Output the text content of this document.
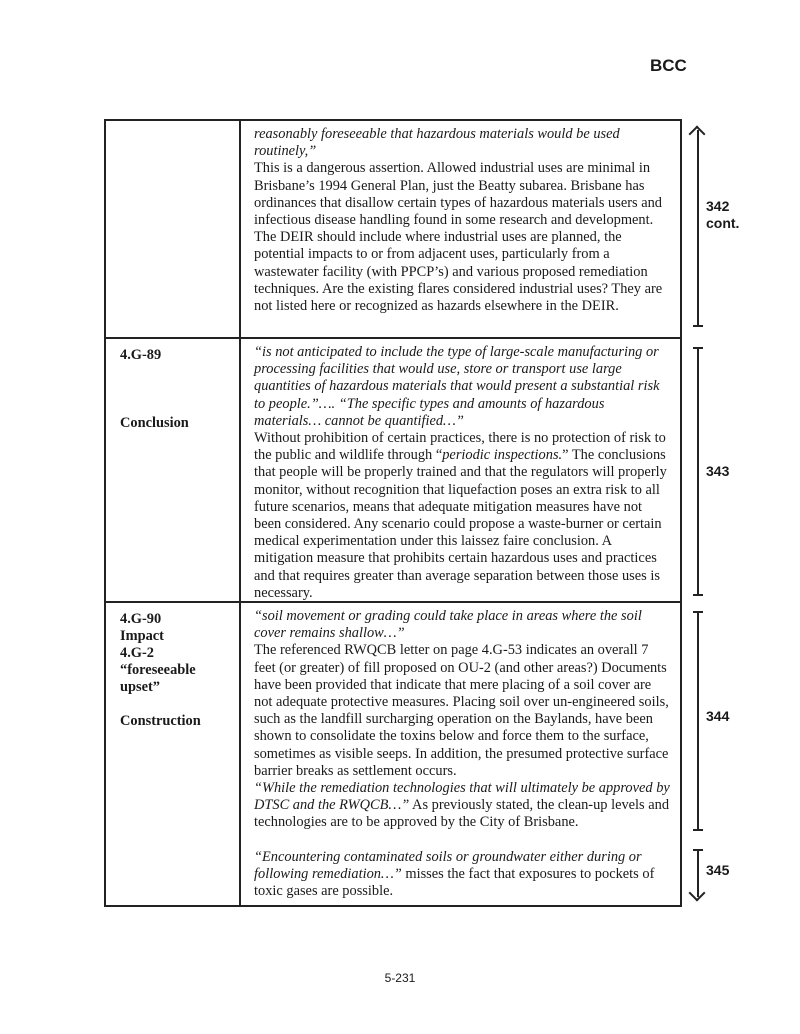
BCC
reasonably foreseeable that hazardous materials would be used routinely,”
This is a dangerous assertion. Allowed industrial uses are minimal in Brisbane’s 1994 General Plan, just the Beatty subarea. Brisbane has ordinances that disallow certain types of hazardous materials users and infectious disease handling found in some research and development. The DEIR should include where industrial uses are planned, the potential impacts to or from adjacent uses, particularly from a wastewater facility (with PPCP’s) and various proposed remediation techniques. Are the existing flares considered industrial uses? They are not listed here or recognized as hazards elsewhere in the DEIR.
4.G-89
Conclusion
“is not anticipated to include the type of large-scale manufacturing or processing facilities that would use, store or transport use large quantities of hazardous materials that would present a substantial risk to people.”…. “The specific types and amounts of hazardous materials… cannot be quantified…”
Without prohibition of certain practices, there is no protection of risk to the public and wildlife through “periodic inspections.” The conclusions that people will be properly trained and that the regulators will properly monitor, without recognition that liquefaction poses an extra risk to all future scenarios, means that adequate mitigation measures have not been considered. Any scenario could propose a waste-burner or certain medical experimentation under this laissez faire conclusion. A mitigation measure that prohibits certain hazardous uses and practices and that requires greater than average separation between those uses is necessary.
4.G-90
Impact
4.G-2
“foreseeable upset”
Construction
“soil movement or grading could take place in areas where the soil cover remains shallow…”
The referenced RWQCB letter on page 4.G-53 indicates an overall 7 feet (or greater) of fill proposed on OU-2 (and other areas?) Documents have been provided that indicate that mere placing of a soil cover are not adequate protective measures. Placing soil over un-engineered soils, such as the landfill surcharging operation on the Baylands, have been shown to consolidate the toxins below and force them to the surface, sometimes as visible seeps. In addition, the presumed protective surface barrier breaks as settlement occurs.
“While the remediation technologies that will ultimately be approved by DTSC and the RWQCB…” As previously stated, the clean-up levels and technologies are to be approved by the City of Brisbane.
“Encountering contaminated soils or groundwater either during or following remediation…” misses the fact that exposures to pockets of toxic gases are possible.
342
cont.
343
344
345
5-231
